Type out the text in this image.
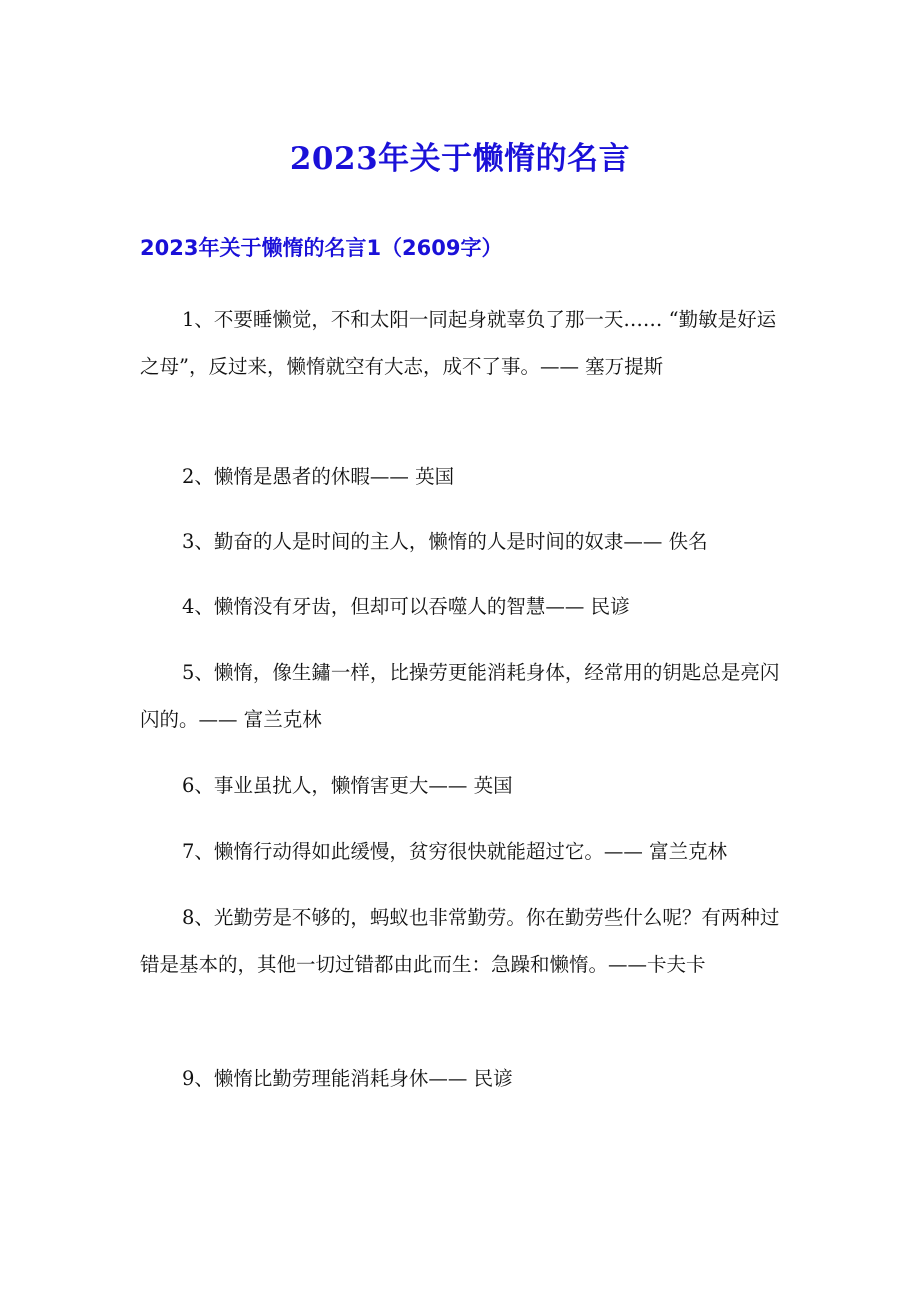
2023年关于懒惰的名言
2023年关于懒惰的名言1（2609字）

1、不要睡懒觉，不和太阳一同起身就辜负了那一天…… “勤敏是好运之母”，反过来，懒惰就空有大志，成不了事。—— 塞万提斯

2、懒惰是愚者的休暇—— 英国

3、勤奋的人是时间的主人，懒惰的人是时间的奴隶—— 佚名

4、懒惰没有牙齿，但却可以吞噬人的智慧—— 民谚

5、懒惰，像生鏽一样，比操劳更能消耗身体，经常用的钥匙总是亮闪闪的。—— 富兰克林

6、事业虽扰人，懒惰害更大—— 英国

7、懒惰行动得如此缓慢，贫穷很快就能超过它。—— 富兰克林

8、光勤劳是不够的，蚂蚁也非常勤劳。你在勤劳些什么呢？有两种过错是基本的，其他一切过错都由此而生：急躁和懒惰。——卡夫卡

9、懒惰比勤劳理能消耗身休—— 民谚
